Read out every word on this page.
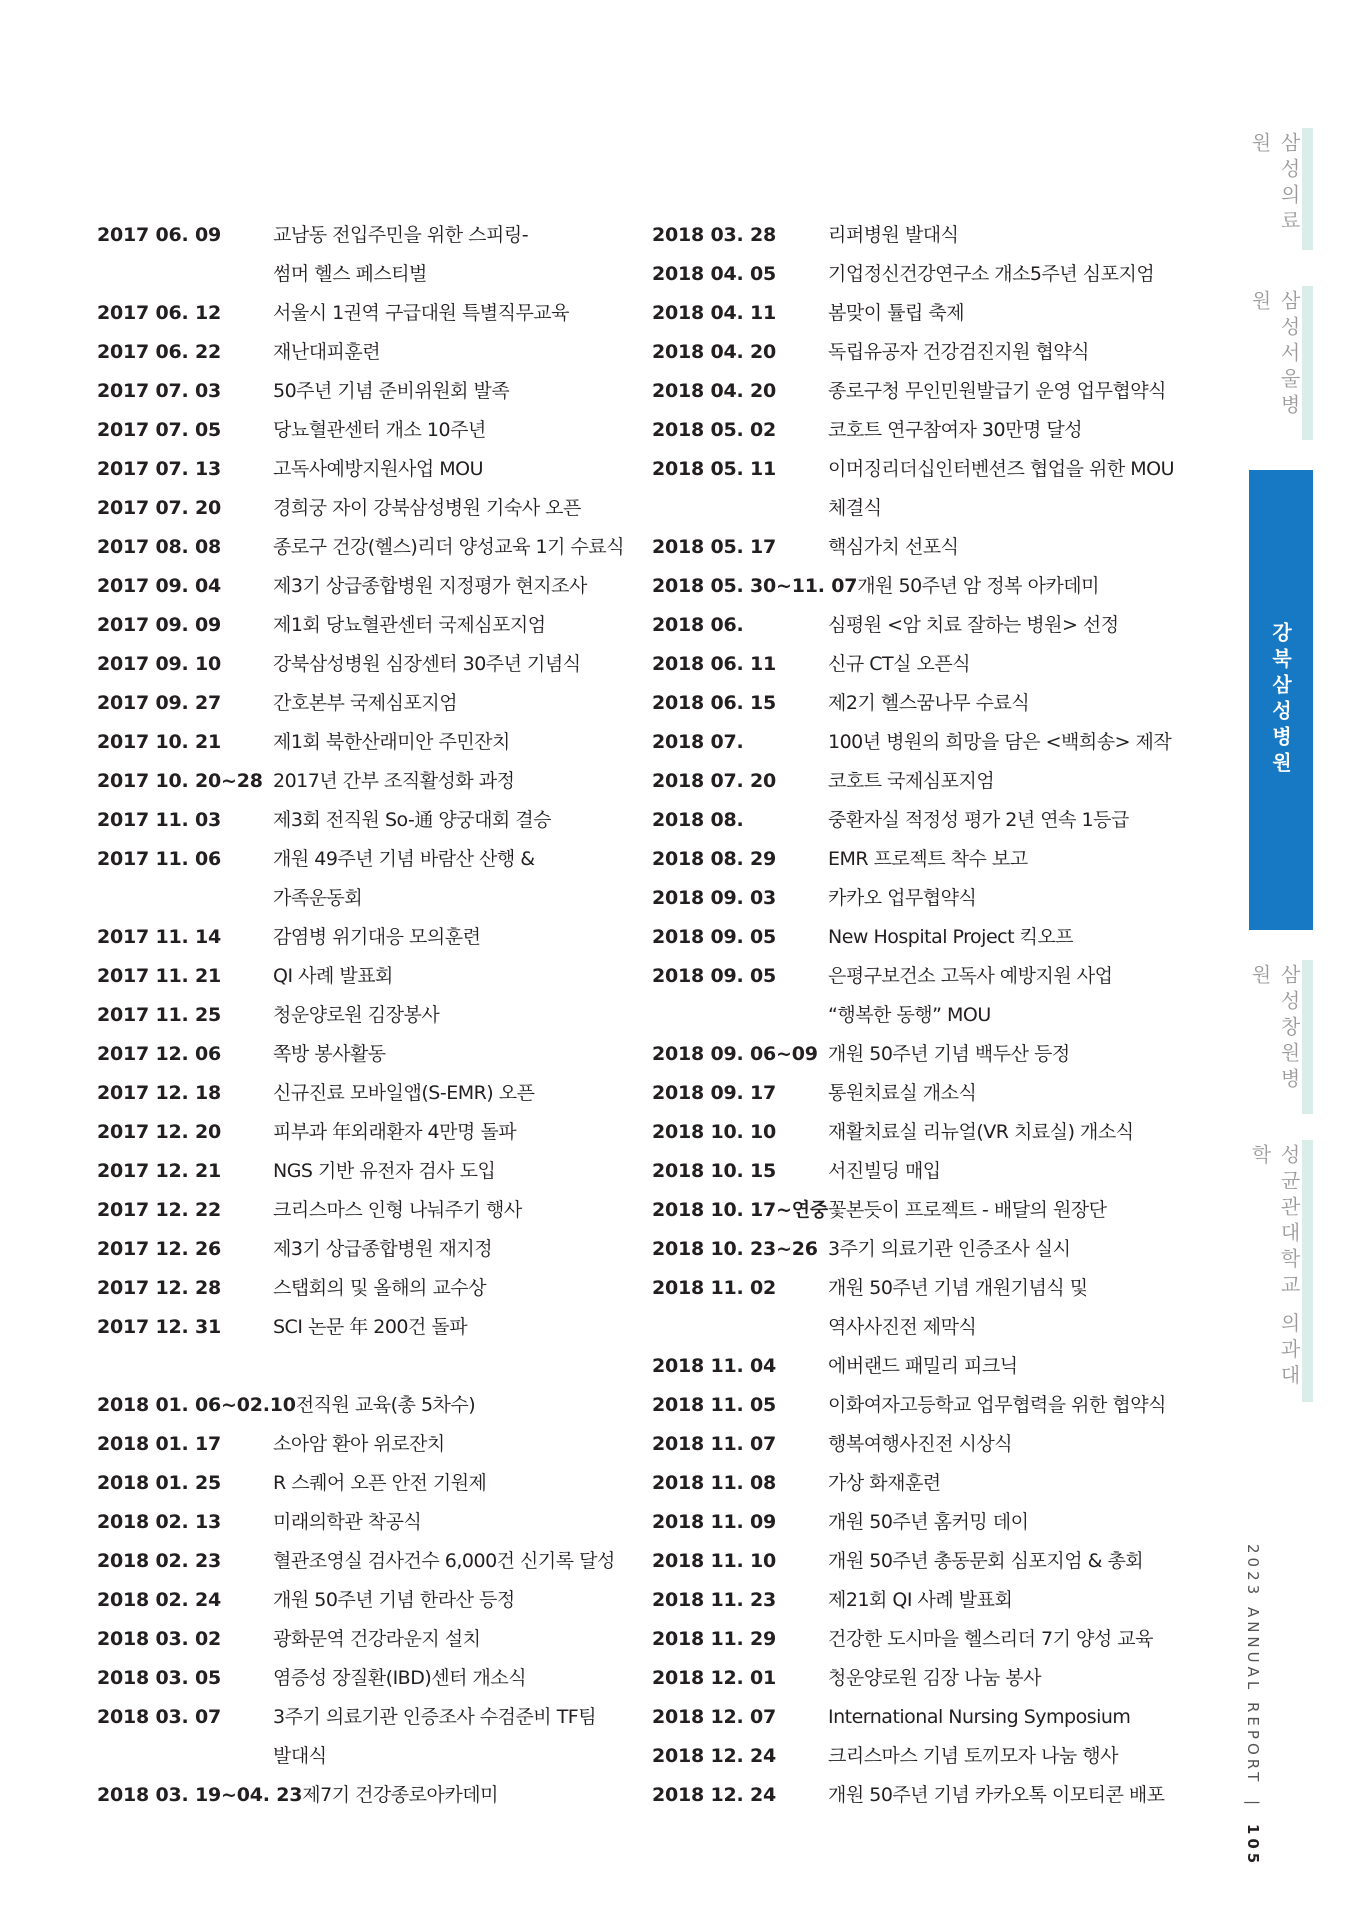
2017 06. 09	교남동 전입주민을 위한 스피링-
썸머 헬스 페스티벌
2017 06. 12	서울시 1권역 구급대원 특별직무교육
2017 06. 22	재난대피훈련
2017 07. 03	50주년 기념 준비위원회 발족
2017 07. 05	당뇨혈관센터 개소 10주년
2017 07. 13	고독사예방지원사업 MOU
2017 07. 20	경희궁 자이 강북삼성병원 기숙사 오픈
2017 08. 08	종로구 건강(헬스)리더 양성교육 1기 수료식
2017 09. 04	제3기 상급종합병원 지정평가 현지조사
2017 09. 09	제1회 당뇨혈관센터 국제심포지엄
2017 09. 10	강북삼성병원 심장센터 30주년 기념식
2017 09. 27	간호본부 국제심포지엄
2017 10. 21	제1회 북한산래미안 주민잔치
2017 10. 20~28 2017년 간부 조직활성화 과정
2017 11. 03	제3회 전직원 So-通 양궁대회 결승
2017 11. 06	개원 49주년 기념 바람산 산행 &
가족운동회
2017 11. 14	감염병 위기대응 모의훈련
2017 11. 21	QI 사례 발표회
2017 11. 25	청운양로원 김장봉사
2017 12. 06	쪽방 봉사활동
2017 12. 18	신규진료 모바일앱(S-EMR) 오픈
2017 12. 20	피부과 年외래환자 4만명 돌파
2017 12. 21	NGS 기반 유전자 검사 도입
2017 12. 22	크리스마스 인형 나눠주기 행사
2017 12. 26	제3기 상급종합병원 재지정
2017 12. 28	스탭회의 및 올해의 교수상
2017 12. 31	SCI 논문 年 200건 돌파
2018 01. 06~02.10 전직원 교육(총 5차수)
2018 01. 17	소아암 환아 위로잔치
2018 01. 25	R 스퀘어 오픈 안전 기원제
2018 02. 13	미래의학관 착공식
2018 02. 23	혈관조영실 검사건수 6,000건 신기록 달성
2018 02. 24	개원 50주년 기념 한라산 등정
2018 03. 02	광화문역 건강라운지 설치
2018 03. 05	염증성 장질환(IBD)센터 개소식
2018 03. 07	3주기 의료기관 인증조사 수검준비 TF팀
발대식
2018 03. 19~04. 23 제7기 건강종로아카데미
2018 03. 28	리퍼병원 발대식
2018 04. 05	기업정신건강연구소 개소5주년 심포지엄
2018 04. 11	봄맞이 튤립 축제
2018 04. 20	독립유공자 건강검진지원 협약식
2018 04. 20	종로구청 무인민원발급기 운영 업무협약식
2018 05. 02	코호트 연구참여자 30만명 달성
2018 05. 11	이머징리더십인터벤션즈 협업을 위한 MOU
체결식
2018 05. 17	핵심가치 선포식
2018 05. 30~11. 07 개원 50주년 암 정복 아카데미
2018 06.	심평원 <암 치료 잘하는 병원> 선정
2018 06. 11	신규 CT실 오픈식
2018 06. 15	제2기 헬스꿈나무 수료식
2018 07.	100년 병원의 희망을 담은 <백희송> 제작
2018 07. 20	코호트 국제심포지엄
2018 08.	중환자실 적정성 평가 2년 연속 1등급
2018 08. 29	EMR 프로젝트 착수 보고
2018 09. 03	카카오 업무협약식
2018 09. 05	New Hospital Project 킥오프
2018 09. 05	은평구보건소 고독사 예방지원 사업
“행복한 동행” MOU
2018 09. 06~09 개원 50주년 기념 백두산 등정
2018 09. 17	통원치료실 개소식
2018 10. 10	재활치료실 리뉴얼(VR 치료실) 개소식
2018 10. 15	서진빌딩 매입
2018 10. 17~연중 꽃본듯이 프로젝트 - 배달의 원장단
2018 10. 23~26 3주기 의료기관 인증조사 실시
2018 11. 02	개원 50주년 기념 개원기념식 및
역사사진전 제막식
2018 11. 04	에버랜드 패밀리 피크닉
2018 11. 05	이화여자고등학교 업무협력을 위한 협약식
2018 11. 07	행복여행사진전 시상식
2018 11. 08	가상 화재훈련
2018 11. 09	개원 50주년 홈커밍 데이
2018 11. 10	개원 50주년 총동문회 심포지엄 & 총회
2018 11. 23	제21회 QI 사례 발표회
2018 11. 29	건강한 도시마을 헬스리더 7기 양성 교육
2018 12. 01	청운양로원 김장 나눔 봉사
2018 12. 07	International Nursing Symposium
2018 12. 24	크리스마스 기념 토끼모자 나눔 행사
2018 12. 24	개원 50주년 기념 카카오톡 이모티콘 배포
삼성의료원
삼성서울병원
강북삼성병원
삼성창원병원
성균관대학교 의과대학
2023 ANNUAL REPORT | 105
